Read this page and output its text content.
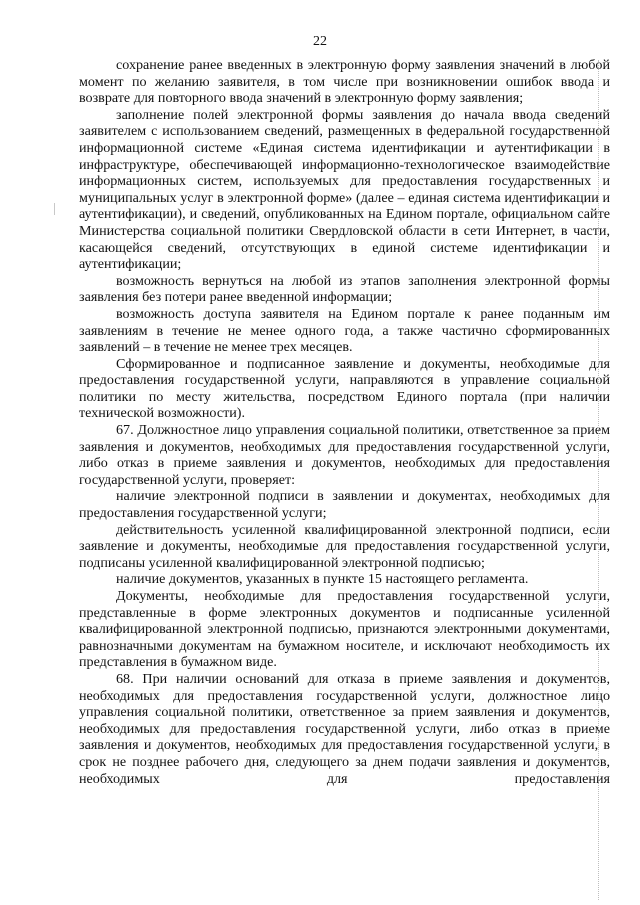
22

сохранение ранее введенных в электронную форму заявления значений в любой момент по желанию заявителя, в том числе при возникновении ошибок ввода и возврате для повторного ввода значений в электронную форму заявления;

заполнение полей электронной формы заявления до начала ввода сведений заявителем с использованием сведений, размещенных в федеральной государственной информационной системе «Единая система идентификации и аутентификации в инфраструктуре, обеспечивающей информационно-технологическое взаимодействие информационных систем, используемых для предоставления государственных и муниципальных услуг в электронной форме» (далее – единая система идентификации и аутентификации), и сведений, опубликованных на Едином портале, официальном сайте Министерства социальной политики Свердловской области в сети Интернет, в части, касающейся сведений, отсутствующих в единой системе идентификации и аутентификации;

возможность вернуться на любой из этапов заполнения электронной формы заявления без потери ранее введенной информации;

возможность доступа заявителя на Едином портале к ранее поданным им заявлениям в течение не менее одного года, а также частично сформированных заявлений – в течение не менее трех месяцев.

Сформированное и подписанное заявление и документы, необходимые для предоставления государственной услуги, направляются в управление социальной политики по месту жительства, посредством Единого портала (при наличии технической возможности).

67. Должностное лицо управления социальной политики, ответственное за прием заявления и документов, необходимых для предоставления государственной услуги, либо отказ в приеме заявления и документов, необходимых для предоставления государственной услуги, проверяет:

наличие электронной подписи в заявлении и документах, необходимых для предоставления государственной услуги;

действительность усиленной квалифицированной электронной подписи, если заявление и документы, необходимые для предоставления государственной услуги, подписаны усиленной квалифицированной электронной подписью;

наличие документов, указанных в пункте 15 настоящего регламента.

Документы, необходимые для предоставления государственной услуги, представленные в форме электронных документов и подписанные усиленной квалифицированной электронной подписью, признаются электронными документами, равнозначными документам на бумажном носителе, и исключают необходимость их представления в бумажном виде.

68. При наличии оснований для отказа в приеме заявления и документов, необходимых для предоставления государственной услуги, должностное лицо управления социальной политики, ответственное за прием заявления и документов, необходимых для предоставления государственной услуги, либо отказ в приеме заявления и документов, необходимых для предоставления государственной услуги, в срок не позднее рабочего дня, следующего за днем подачи заявления и документов, необходимых для предоставления
